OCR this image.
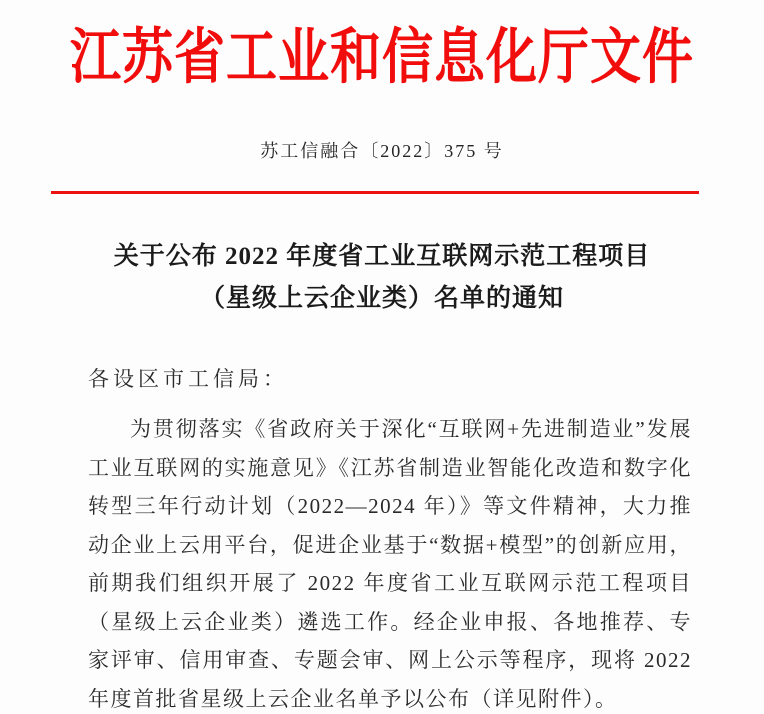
江苏省工业和信息化厅文件
苏工信融合〔2022〕375 号
关于公布 2022 年度省工业互联网示范工程项目
（星级上云企业类）名单的通知
各设区市工信局：

为贯彻落实《省政府关于深化“互联网+先进制造业”发展工业互联网的实施意见》《江苏省制造业智能化改造和数字化转型三年行动计划（2022—2024 年）》等文件精神，大力推动企业上云用平台，促进企业基于“数据+模型”的创新应用，前期我们组织开展了 2022 年度省工业互联网示范工程项目（星级上云企业类）遴选工作。经企业申报、各地推荐、专家评审、信用审查、专题会审、网上公示等程序，现将 2022 年度首批省星级上云企业名单予以公布（详见附件）。
